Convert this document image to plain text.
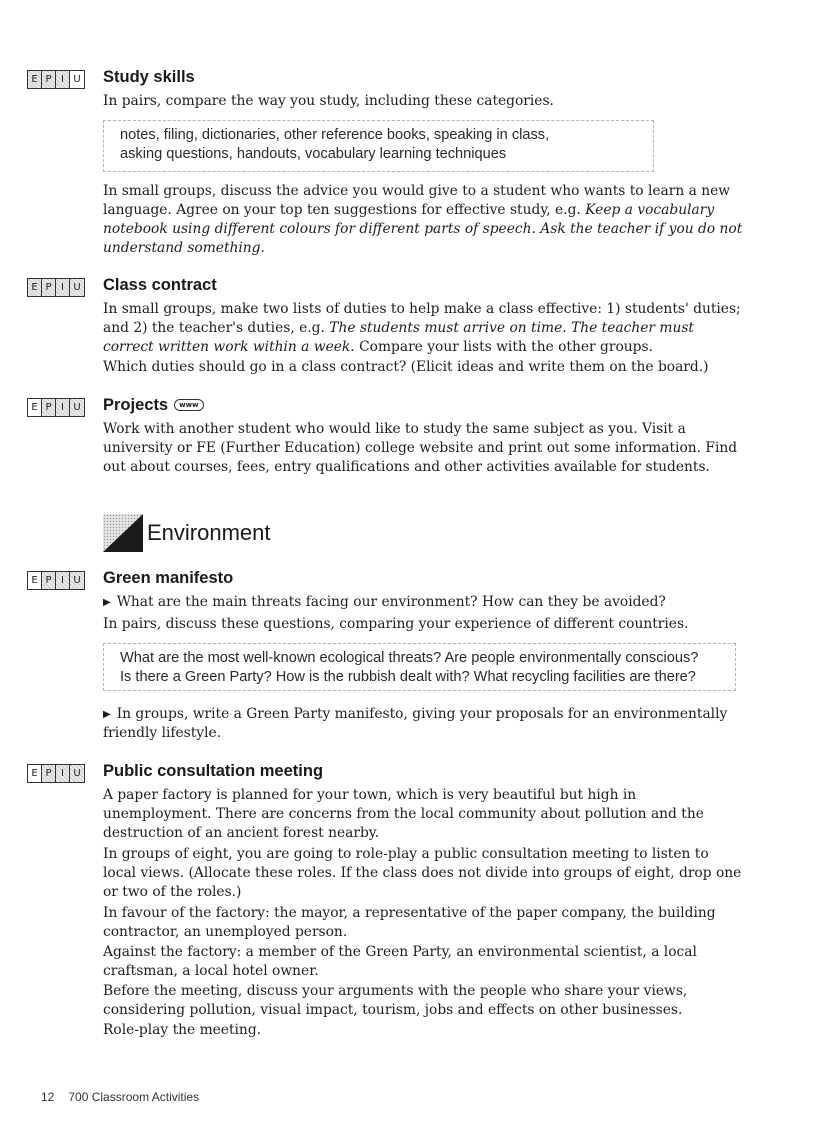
E P I U Study skills

In pairs, compare the way you study, including these categories.

notes, filing, dictionaries, other reference books, speaking in class,
asking questions, handouts, vocabulary learning techniques

In small groups, discuss the advice you would give to a student who wants to learn a new language. Agree on your top ten suggestions for effective study, e.g. Keep a vocabulary notebook using different colours for different parts of speech. Ask the teacher if you do not understand something.

E P I U Class contract

In small groups, make two lists of duties to help make a class effective: 1) students' duties; and 2) the teacher's duties, e.g. The students must arrive on time. The teacher must correct written work within a week. Compare your lists with the other groups.

Which duties should go in a class contract? (Elicit ideas and write them on the board.)

E P I U Projects www

Work with another student who would like to study the same subject as you. Visit a university or FE (Further Education) college website and print out some information. Find out about courses, fees, entry qualifications and other activities available for students.

Environment
E P I U Green manifesto

▶ What are the main threats facing our environment? How can they be avoided?

In pairs, discuss these questions, comparing your experience of different countries.

What are the most well-known ecological threats? Are people environmentally conscious?
Is there a Green Party? How is the rubbish dealt with? What recycling facilities are there?

▶ In groups, write a Green Party manifesto, giving your proposals for an environmentally friendly lifestyle.

E P I U Public consultation meeting

A paper factory is planned for your town, which is very beautiful but high in unemployment. There are concerns from the local community about pollution and the destruction of an ancient forest nearby.

In groups of eight, you are going to role-play a public consultation meeting to listen to local views. (Allocate these roles. If the class does not divide into groups of eight, drop one or two of the roles.)

In favour of the factory: the mayor, a representative of the paper company, the building contractor, an unemployed person.

Against the factory: a member of the Green Party, an environmental scientist, a local craftsman, a local hotel owner.

Before the meeting, discuss your arguments with the people who share your views, considering pollution, visual impact, tourism, jobs and effects on other businesses.

Role-play the meeting.

12 700 Classroom Activities
